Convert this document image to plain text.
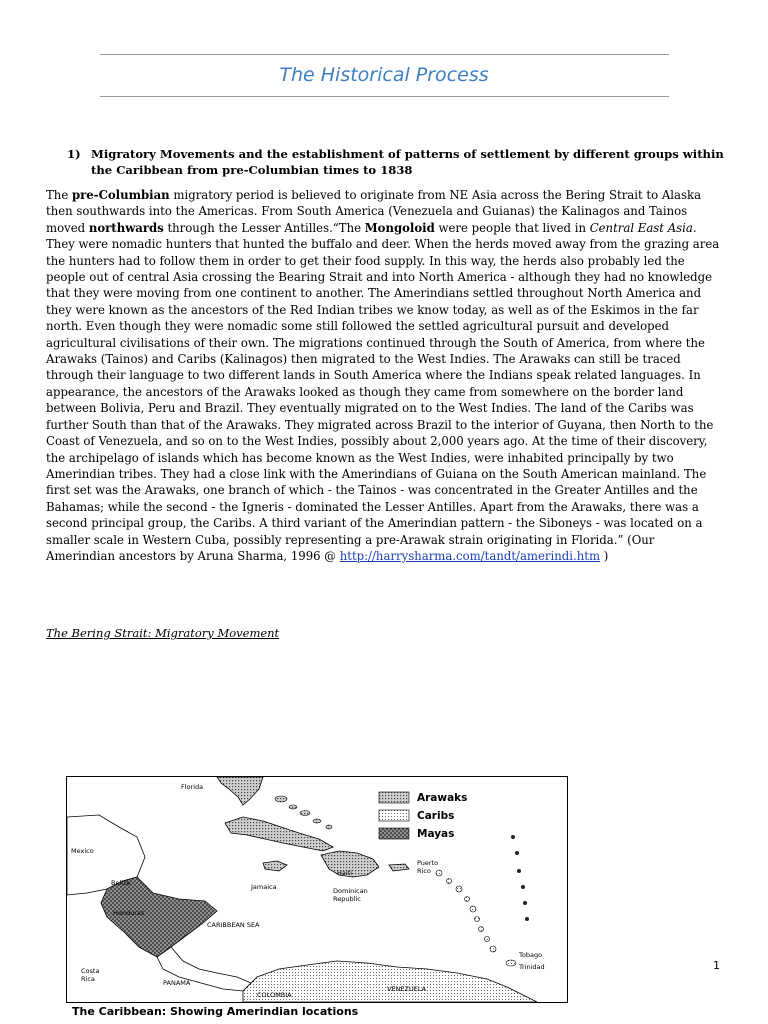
The Historical Process
1) Migratory Movements and the establishment of patterns of settlement by different groups within the Caribbean from pre-Columbian times to 1838
The pre-Columbian migratory period is believed to originate from NE Asia across the Bering Strait to Alaska then southwards into the Americas. From South America (Venezuela and Guianas) the Kalinagos and Tainos moved northwards through the Lesser Antilles.“The Mongoloid were people that lived in Central East Asia. They were nomadic hunters that hunted the buffalo and deer. When the herds moved away from the grazing area the hunters had to follow them in order to get their food supply. In this way, the herds also probably led the people out of central Asia crossing the Bearing Strait and into North America - although they had no knowledge that they were moving from one continent to another. The Amerindians settled throughout North America and they were known as the ancestors of the Red Indian tribes we know today, as well as of the Eskimos in the far north. Even though they were nomadic some still followed the settled agricultural pursuit and developed agricultural civilisations of their own. The migrations continued through the South of America, from where the Arawaks (Tainos) and Caribs (Kalinagos) then migrated to the West Indies. The Arawaks can still be traced through their language to two different lands in South America where the Indians speak related languages. In appearance, the ancestors of the Arawaks looked as though they came from somewhere on the border land between Bolivia, Peru and Brazil. They eventually migrated on to the West Indies. The land of the Caribs was further South than that of the Arawaks. They migrated across Brazil to the interior of Guyana, then North to the Coast of Venezuela, and so on to the West Indies, possibly about 2,000 years ago. At the time of their discovery, the archipelago of islands which has become known as the West Indies, were inhabited principally by two Amerindian tribes. They had a close link with the Amerindians of Guiana on the South American mainland. The first set was the Arawaks, one branch of which - the Tainos - was concentrated in the Greater Antilles and the Bahamas; while the second - the Igneris - dominated the Lesser Antilles. Apart from the Arawaks, there was a second principal group, the Caribs. A third variant of the Amerindian pattern - the Siboneys - was located on a smaller scale in Western Cuba, possibly representing a pre-Arawak strain originating in Florida.” (Our Amerindian ancestors by Aruna Sharma, 1996 @ http://harrysharma.com/tandt/amerindi.htm )
The Bering Strait: Migratory Movement
Arawaks
Caribs
Mayas
Florida
Mexico
Belize	Jamaica
Haiti
Dominican
Republic
Puerto
Rico
Honduras
CARIBBEAN SEA
Tobago
Trinidad
Costa
Rica	PANAMA
COLOMBIA
VENEZUELA
The Caribbean: Showing Amerindian locations
1
